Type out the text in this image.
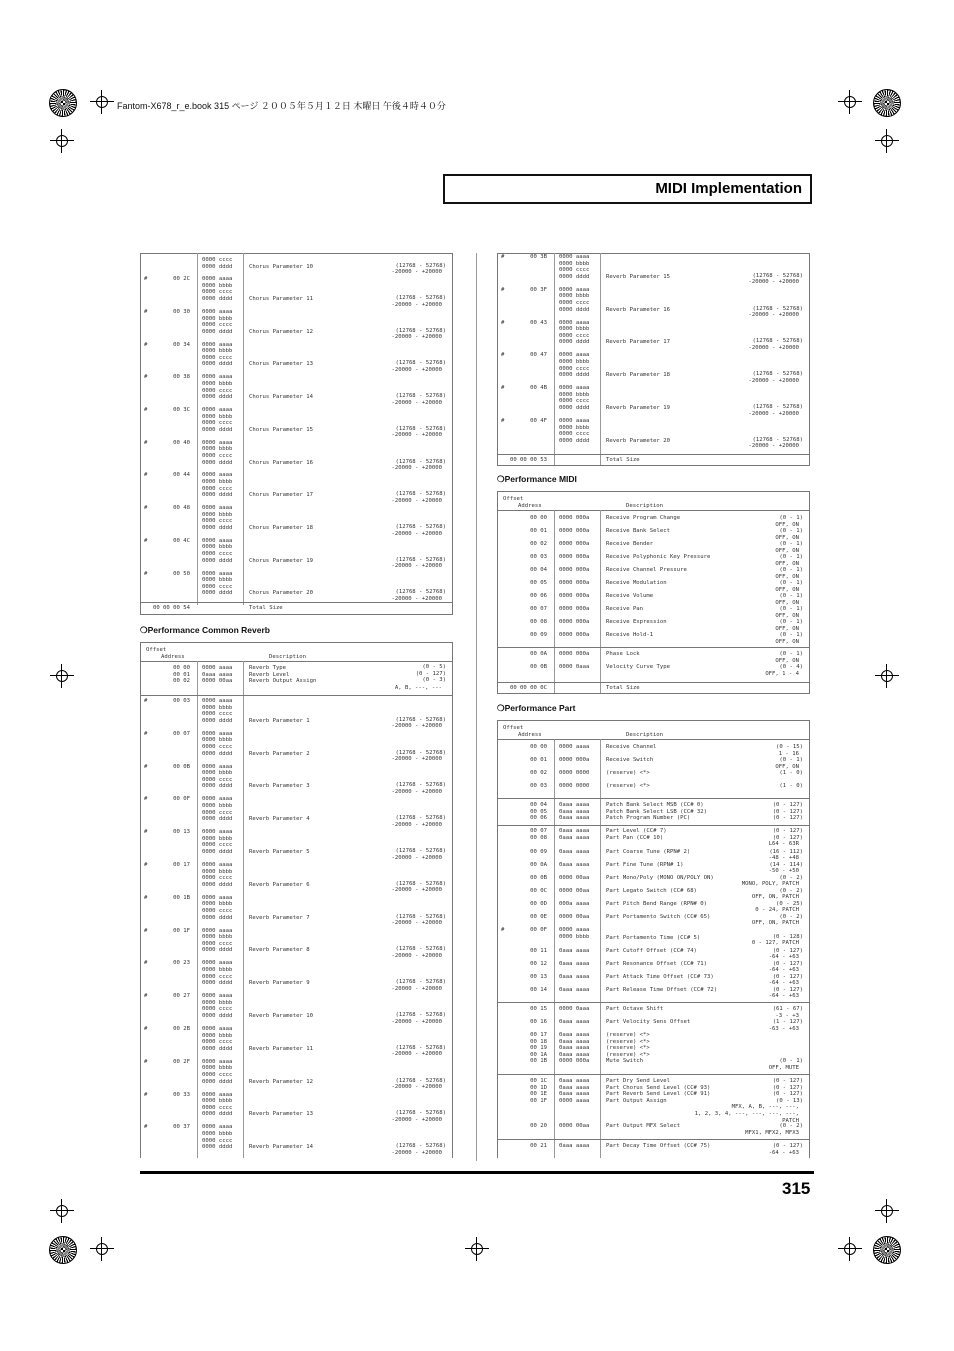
Fantom-X678_r_e.book 315 ページ ２００５年５月１２日 木曜日 午後４時４０分
MIDI Implementation
0000 cccc
0000 dddd	Chorus Parameter 10	(12768 - 52768)
-20000 - +20000
#	00 2C 0000 aaaa
0000 bbbb
0000 cccc
0000 dddd	Chorus Parameter 11	(12768 - 52768)
-20000 - +20000
#	00 30 0000 aaaa
0000 bbbb
0000 cccc
0000 dddd	Chorus Parameter 12	(12768 - 52768)
-20000 - +20000
#	00 34 0000 aaaa
0000 bbbb
0000 cccc
0000 dddd	Chorus Parameter 13	(12768 - 52768)
-20000 - +20000
#	00 38 0000 aaaa
0000 bbbb
0000 cccc
0000 dddd	Chorus Parameter 14	(12768 - 52768)
-20000 - +20000
#	00 3C 0000 aaaa
0000 bbbb
0000 cccc
0000 dddd	Chorus Parameter 15	(12768 - 52768)
-20000 - +20000
#	00 40 0000 aaaa
0000 bbbb
0000 cccc
0000 dddd	Chorus Parameter 16	(12768 - 52768)
-20000 - +20000
#	00 44 0000 aaaa
0000 bbbb
0000 cccc
0000 dddd	Chorus Parameter 17	(12768 - 52768)
-20000 - +20000
#	00 48 0000 aaaa
0000 bbbb
0000 cccc
0000 dddd	Chorus Parameter 18	(12768 - 52768)
-20000 - +20000
#	00 4C 0000 aaaa
0000 bbbb
0000 cccc
0000 dddd	Chorus Parameter 19	(12768 - 52768)
-20000 - +20000
#	00 50 0000 aaaa
0000 bbbb
0000 cccc
0000 dddd	Chorus Parameter 20	(12768 - 52768)
-20000 - +20000
00 00 00 54	Total Size
❍Performance Common Reverb
Offset
Address	Description
00 00 0000 aaaa	Reverb Type	(0 - 5)
00 01 0aaa aaaa	Reverb Level	(0 - 127)
00 02 0000 00aa	Reverb Output Assign	(0 - 3)
A, B, ---, ---
#	00 03 0000 aaaa
0000 bbbb
0000 cccc
0000 dddd	Reverb Parameter 1	(12768 - 52768)
-20000 - +20000
#	00 07 0000 aaaa
0000 bbbb
0000 cccc
0000 dddd	Reverb Parameter 2	(12768 - 52768)
-20000 - +20000
#	00 0B 0000 aaaa
0000 bbbb
0000 cccc
0000 dddd	Reverb Parameter 3	(12768 - 52768)
-20000 - +20000
#	00 0F 0000 aaaa
0000 bbbb
0000 cccc
0000 dddd	Reverb Parameter 4	(12768 - 52768)
-20000 - +20000
#	00 13 0000 aaaa
0000 bbbb
0000 cccc
0000 dddd	Reverb Parameter 5	(12768 - 52768)
-20000 - +20000
#	00 17 0000 aaaa
0000 bbbb
0000 cccc
0000 dddd	Reverb Parameter 6	(12768 - 52768)
-20000 - +20000
#	00 1B 0000 aaaa
0000 bbbb
0000 cccc
0000 dddd	Reverb Parameter 7	(12768 - 52768)
-20000 - +20000
#	00 1F 0000 aaaa
0000 bbbb
0000 cccc
0000 dddd	Reverb Parameter 8	(12768 - 52768)
-20000 - +20000
#	00 23 0000 aaaa
0000 bbbb
0000 cccc
0000 dddd	Reverb Parameter 9	(12768 - 52768)
-20000 - +20000
#	00 27 0000 aaaa
0000 bbbb
0000 cccc
0000 dddd	Reverb Parameter 10	(12768 - 52768)
-20000 - +20000
#	00 2B 0000 aaaa
0000 bbbb
0000 cccc
0000 dddd	Reverb Parameter 11	(12768 - 52768)
-20000 - +20000
#	00 2F 0000 aaaa
0000 bbbb
0000 cccc
0000 dddd	Reverb Parameter 12	(12768 - 52768)
-20000 - +20000
#	00 33 0000 aaaa
0000 bbbb
0000 cccc
0000 dddd	Reverb Parameter 13	(12768 - 52768)
-20000 - +20000
#	00 37 0000 aaaa
0000 bbbb
0000 cccc
0000 dddd	Reverb Parameter 14	(12768 - 52768)
-20000 - +20000
#	00 3B 0000 aaaa
0000 bbbb
0000 cccc
0000 dddd	Reverb Parameter 15	(12768 - 52768)
-20000 - +20000
#	00 3F 0000 aaaa
0000 bbbb
0000 cccc
0000 dddd	Reverb Parameter 16	(12768 - 52768)
-20000 - +20000
#	00 43 0000 aaaa
0000 bbbb
0000 cccc
0000 dddd	Reverb Parameter 17	(12768 - 52768)
-20000 - +20000
#	00 47 0000 aaaa
0000 bbbb
0000 cccc
0000 dddd	Reverb Parameter 18	(12768 - 52768)
-20000 - +20000
#	00 4B 0000 aaaa
0000 bbbb
0000 cccc
0000 dddd	Reverb Parameter 19	(12768 - 52768)
-20000 - +20000
#	00 4F 0000 aaaa
0000 bbbb
0000 cccc
0000 dddd	Reverb Parameter 20	(12768 - 52768)
-20000 - +20000
00 00 00 53	Total Size
❍Performance MIDI
Offset
Address	Description
00 00 0000 000a	Receive Program Change	(0 - 1)
OFF, ON
00 01 0000 000a	Receive Bank Select	(0 - 1)
OFF, ON
00 02 0000 000a	Receive Bender	(0 - 1)
OFF, ON
00 03 0000 000a	Receive Polyphonic Key Pressure	(0 - 1)
OFF, ON
00 04 0000 000a	Receive Channel Pressure	(0 - 1)
OFF, ON
00 05 0000 000a	Receive Modulation	(0 - 1)
OFF, ON
00 06 0000 000a	Receive Volume	(0 - 1)
OFF, ON
00 07 0000 000a	Receive Pan	(0 - 1)
OFF, ON
00 08 0000 000a	Receive Expression	(0 - 1)
OFF, ON
00 09 0000 000a	Receive Hold-1	(0 - 1)
OFF, ON
00 0A 0000 000a	Phase Lock	(0 - 1)
OFF, ON
00 0B 0000 0aaa	Velocity Curve Type	(0 - 4)
OFF, 1 - 4
00 00 00 0C	Total Size
❍Performance Part
Offset
Address	Description
00 00 0000 aaaa	Receive Channel	(0 - 15)
1 - 16
00 01 0000 000a	Receive Switch	(0 - 1)
OFF, ON
00 02 0000 0000	(reserve) <*>	(1 - 0)
00 03 0000 0000	(reserve) <*>	(1 - 0)
00 04 0aaa aaaa	Patch Bank Select MSB (CC# 0)	(0 - 127)
00 05 0aaa aaaa	Patch Bank Select LSB (CC# 32)	(0 - 127)
00 06 0aaa aaaa	Patch Program Number (PC)	(0 - 127)
00 07 0aaa aaaa	Part Level (CC# 7)	(0 - 127)
00 08 0aaa aaaa	Part Pan (CC# 10)	(0 - 127)
L64 - 63R
00 09 0aaa aaaa	Part Coarse Tune (RPN# 2)	(16 - 112)
-48 - +48
00 0A 0aaa aaaa	Part Fine Tune (RPN# 1)	(14 - 114)
-50 - +50
00 0B 0000 00aa	Part Mono/Poly (MONO ON/POLY ON)	(0 - 2)
MONO, POLY, PATCH
00 0C 0000 00aa	Part Legato Switch (CC# 68)	(0 - 2)
OFF, ON, PATCH
00 0D 000a aaaa	Part Pitch Bend Range (RPN# 0)	(0 - 25)
0 - 24, PATCH
00 0E 0000 00aa	Part Portamento Switch (CC# 65)	(0 - 2)
OFF, ON, PATCH
#	00 0F 0000 aaaa
0000 bbbb	Part Portamento Time (CC# 5)	(0 - 128)
0 - 127, PATCH
00 11 0aaa aaaa	Part Cutoff Offset (CC# 74)	(0 - 127)
-64 - +63
00 12 0aaa aaaa	Part Resonance Offset (CC# 71)	(0 - 127)
-64 - +63
00 13 0aaa aaaa	Part Attack Time Offset (CC# 73)	(0 - 127)
-64 - +63
00 14 0aaa aaaa	Part Release Time Offset (CC# 72)	(0 - 127)
-64 - +63
00 15 0000 0aaa	Part Octave Shift	(61 - 67)
-3 - +3
00 16 0aaa aaaa	Part Velocity Sens Offset	(1 - 127)
-63 - +63
00 17 0aaa aaaa	(reserve) <*>
00 18 0aaa aaaa	(reserve) <*>
00 19 0aaa aaaa	(reserve) <*>
00 1A 0aaa aaaa	(reserve) <*>
00 1B 0000 000a	Mute Switch	(0 - 1)
OFF, MUTE
00 1C 0aaa aaaa	Part Dry Send Level	(0 - 127)
00 1D 0aaa aaaa	Part Chorus Send Level (CC# 93)	(0 - 127)
00 1E 0aaa aaaa	Part Reverb Send Level (CC# 91)	(0 - 127)
00 1F 0000 aaaa	Part Output Assign	(0 - 13)
MFX, A, B, ---, ---,
1, 2, 3, 4, ---, ---, ---, ---,
PATCH
00 20 0000 00aa	Part Output MFX Select	(0 - 2)
MFX1, MFX2, MFX3
00 21 0aaa aaaa	Part Decay Time Offset (CC# 75)	(0 - 127)
-64 - +63
315
